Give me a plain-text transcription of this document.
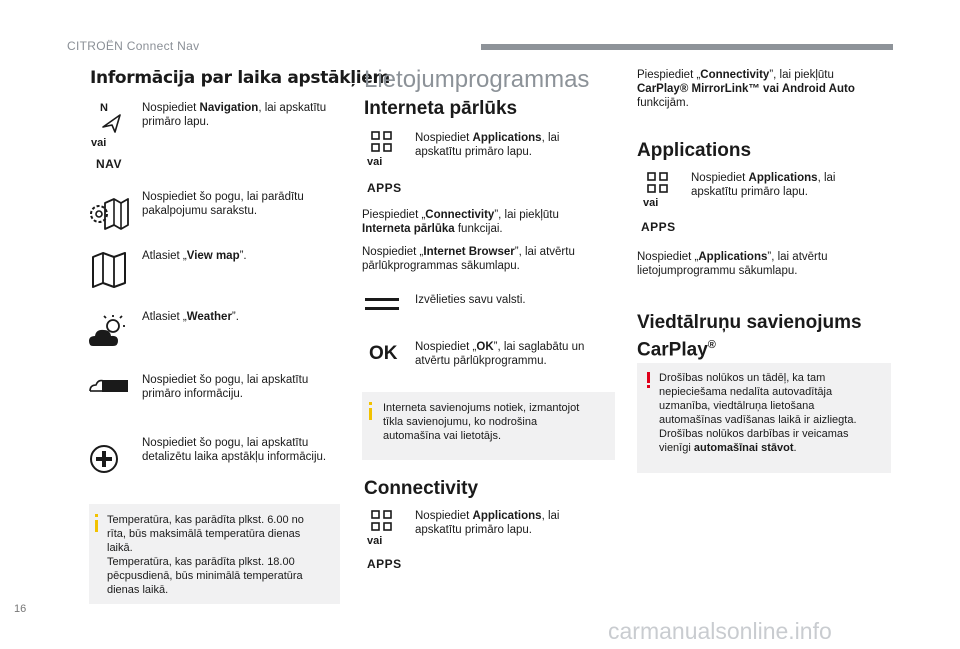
CITROËN Connect Nav
Informācija par laika apstākļiem
N
vai
NAV
Nospiediet Navigation, lai apskatītu primāro lapu.
Nospiediet šo pogu, lai parādītu pakalpojumu sarakstu.
Atlasiet „View map”.
Atlasiet „Weather”.
Nospiediet šo pogu, lai apskatītu primāro informāciju.
Nospiediet šo pogu, lai apskatītu detalizētu laika apstākļu informāciju.
Temperatūra, kas parādīta plkst. 6.00 no
rīta, būs maksimālā temperatūra dienas
laikā.
Temperatūra, kas parādīta plkst. 18.00
pēcpusdienā, būs minimālā temperatūra
dienas laikā.
Lietojumprogrammas
Interneta pārlūks
vai
APPS
Nospiediet Applications, lai apskatītu primāro lapu.
Piespiediet „Connectivity”, lai piekļūtu
Interneta pārlūka funkcijai.
Nospiediet „Internet Browser”, lai atvērtu pārlūkprogrammas sākumlapu.
Izvēlieties savu valsti.
OK Nospiediet „OK”, lai saglabātu un atvērtu pārlūkprogrammu.
Interneta savienojums notiek, izmantojot
tīkla savienojumu, ko nodrošina
automašīna vai lietotājs.
Connectivity
vai
APPS
Nospiediet Applications, lai apskatītu primāro lapu.
Piespiediet „Connectivity”, lai piekļūtu CarPlay® MirrorLink™ vai Android Auto funkcijām.
Applications
vai
APPS
Nospiediet Applications, lai apskatītu primāro lapu.
Nospiediet „Applications”, lai atvērtu lietojumprogrammu sākumlapu.
Viedtālruņu savienojums
CarPlay®
Drošības nolūkos un tādēļ, ka tam
nepieciešama nedalīta autovadītāja
uzmanība, viedtālruņa lietošana
automašīnas vadīšanas laikā ir aizliegta.
Drošības nolūkos darbības ir veicamas
vienīgi automašīnai stāvot.
16
carmanualsonline.info
